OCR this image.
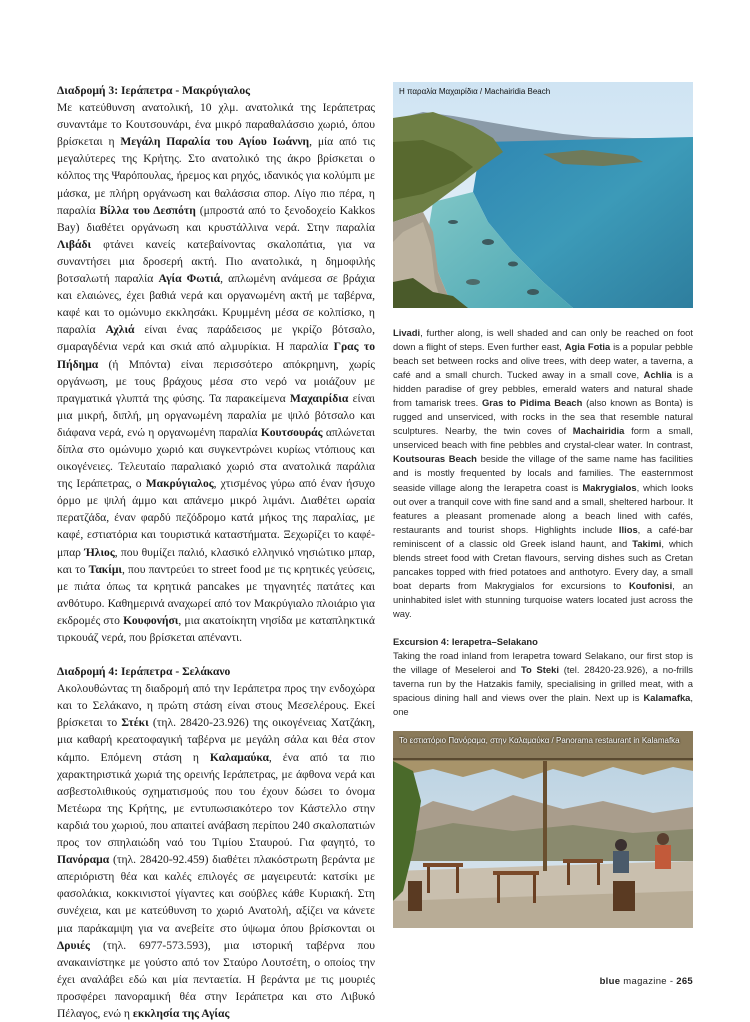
Διαδρομή 3: Ιεράπετρα - Μακρύγιαλος

Με κατεύθυνση ανατολική, 10 χλμ. ανατολικά της Ιεράπετρας συναντάμε το Κουτσουνάρι, ένα μικρό παραθαλάσσιο χωριό, όπου βρίσκεται η Μεγάλη Παραλία του Αγίου Ιωάννη, μία από τις μεγαλύτερες της Κρήτης. Στο ανατολικό της άκρο βρίσκεται ο κόλπος της Ψαρόπουλας, ήρεμος και ρηχός, ιδανικός για κολύμπι με μάσκα, με πλήρη οργάνωση και θαλάσσια σπορ. Λίγο πιο πέρα, η παραλία Βίλλα του Δεσπότη (μπροστά από το ξενοδοχείο Kakkos Bay) διαθέτει οργάνωση και κρυστάλλινα νερά. Στην παραλία Λιβάδι φτάνει κανείς κατεβαίνοντας σκαλοπάτια, για να συναντήσει μια δροσερή ακτή. Πιο ανατολικά, η δημοφιλής βοτσαλωτή παραλία Αγία Φωτιά, απλωμένη ανάμεσα σε βράχια και ελαιώνες, έχει βαθιά νερά και οργανωμένη ακτή με ταβέρνα, καφέ και το ομώνυμο εκκλησάκι. Κρυμμένη μέσα σε κολπίσκο, η παραλία Αχλιά είναι ένας παράδεισος με γκρίζο βότσαλο, σμαραγδένια νερά και σκιά από αλμυρίκια. Η παραλία Γρας το Πήδημα (ή Μπόντα) είναι περισσότερο απόκρημνη, χωρίς οργάνωση, με τους βράχους μέσα στο νερό να μοιάζουν με πραγματικά γλυπτά της φύσης. Τα παρακείμενα Μαχαιρίδια είναι μια μικρή, διπλή, μη οργανωμένη παραλία με ψιλό βότσαλο και διάφανα νερά, ενώ η οργανωμένη παραλία Κουτσουράς απλώνεται δίπλα στο ομώνυμο χωριό και συγκεντρώνει κυρίως ντόπιους και οικογένειες. Τελευταίο παραλιακό χωριό στα ανατολικά παράλια της Ιεράπετρας, ο Μακρύγιαλος, χτισμένος γύρω από έναν ήσυχο όρμο με ψιλή άμμο και απάνεμο μικρό λιμάνι. Διαθέτει ωραία περατζάδα, έναν φαρδύ πεζόδρομο κατά μήκος της παραλίας, με καφέ, εστιατόρια και τουριστικά καταστήματα. Ξεχωρίζει το καφέ-μπαρ Ήλιος, που θυμίζει παλιό, κλασικό ελληνικό νησιώτικο μπαρ, και το Τακίμι, που παντρεύει το street food με τις κρητικές γεύσεις, με πιάτα όπως τα κρητικά pancakes με τηγανητές πατάτες και ανθότυρο. Καθημερινά αναχωρεί από τον Μακρύγιαλο πλοιάριο για εκδρομές στο Κουφονήσι, μια ακατοίκητη νησίδα με καταπληκτικά τιρκουάζ νερά, που βρίσκεται απέναντι.

Διαδρομή 4: Ιεράπετρα - Σελάκανο

Ακολουθώντας τη διαδρομή από την Ιεράπετρα προς την ενδοχώρα και το Σελάκανο, η πρώτη στάση είναι στους Μεσελέρους. Εκεί βρίσκεται το Στέκι (τηλ. 28420-23.926) της οικογένειας Χατζάκη, μια καθαρή κρεατοφαγική ταβέρνα με μεγάλη σάλα και θέα στον κάμπο. Επόμενη στάση η Καλαμαύκα, ένα από τα πιο χαρακτηριστικά χωριά της ορεινής Ιεράπετρας, με άφθονα νερά και ασβεστολιθικούς σχηματισμούς που του έχουν δώσει το όνομα Μετέωρα της Κρήτης, με εντυπωσιακότερο τον Κάστελλο στην καρδιά του χωριού, που απαιτεί ανάβαση περίπου 240 σκαλοπατιών προς τον σπηλαιώδη ναό του Τιμίου Σταυρού. Για φαγητό, το Πανόραμα (τηλ. 28420-92.459) διαθέτει πλακόστρωτη βεράντα με απεριόριστη θέα και καλές επιλογές σε μαγειρευτά: κατσίκι με φασολάκια, κοκκινιστοί γίγαντες και σούβλες κάθε Κυριακή. Στη συνέχεια, και με κατεύθυνση το χωριό Ανατολή, αξίζει να κάνετε μια παράκαμψη για να ανεβείτε στο ύψωμα όπου βρίσκονται οι Δρυιές (τηλ. 6977-573.593), μια ιστορική ταβέρνα που ανακαινίστηκε με γούστο από τον Σταύρο Λουτσέτη, ο οποίος την έχει αναλάβει εδώ και μία πενταετία. Η βεράντα με τις μουριές προσφέρει πανοραμική θέα στην Ιεράπετρα και στο Λιβυκό Πέλαγος, ενώ η εκκλησία της Αγίας

Η παραλία Μαχαιρίδια / Machairidia Beach

Livadi, further along, is well shaded and can only be reached on foot down a flight of steps. Even further east, Agia Fotia is a popular pebble beach set between rocks and olive trees, with deep water, a taverna, a café and a small church. Tucked away in a small cove, Achlia is a hidden paradise of grey pebbles, emerald waters and natural shade from tamarisk trees. Gras to Pidima Beach (also known as Bonta) is rugged and unserviced, with rocks in the sea that resemble natural sculptures. Nearby, the twin coves of Machairidia form a small, unserviced beach with fine pebbles and crystal-clear water. In contrast, Koutsouras Beach beside the village of the same name has facilities and is mostly frequented by locals and families. The easternmost seaside village along the Ierapetra coast is Makrygialos, which looks out over a tranquil cove with fine sand and a small, sheltered harbour. It features a pleasant promenade along a beach lined with cafés, restaurants and tourist shops. Highlights include Ilios, a café-bar reminiscent of a classic old Greek island haunt, and Takimi, which blends street food with Cretan flavours, serving dishes such as Cretan pancakes topped with fried potatoes and anthotyro. Every day, a small boat departs from Makrygialos for excursions to Koufonisi, an uninhabited islet with stunning turquoise waters located just across the way.

Excursion 4: Ierapetra–Selakano

Taking the road inland from Ierapetra toward Selakano, our first stop is the village of Meseleroi and To Steki (tel. 28420-23.926), a no-frills taverna run by the Hatzakis family, specialising in grilled meat, with a spacious dining hall and views over the plain. Next up is Kalamafka, one

Το εστιατόριο Πανόραμα, στην Καλαμαύκα / Panorama restaurant in Kalamafka
blue magazine - 265
